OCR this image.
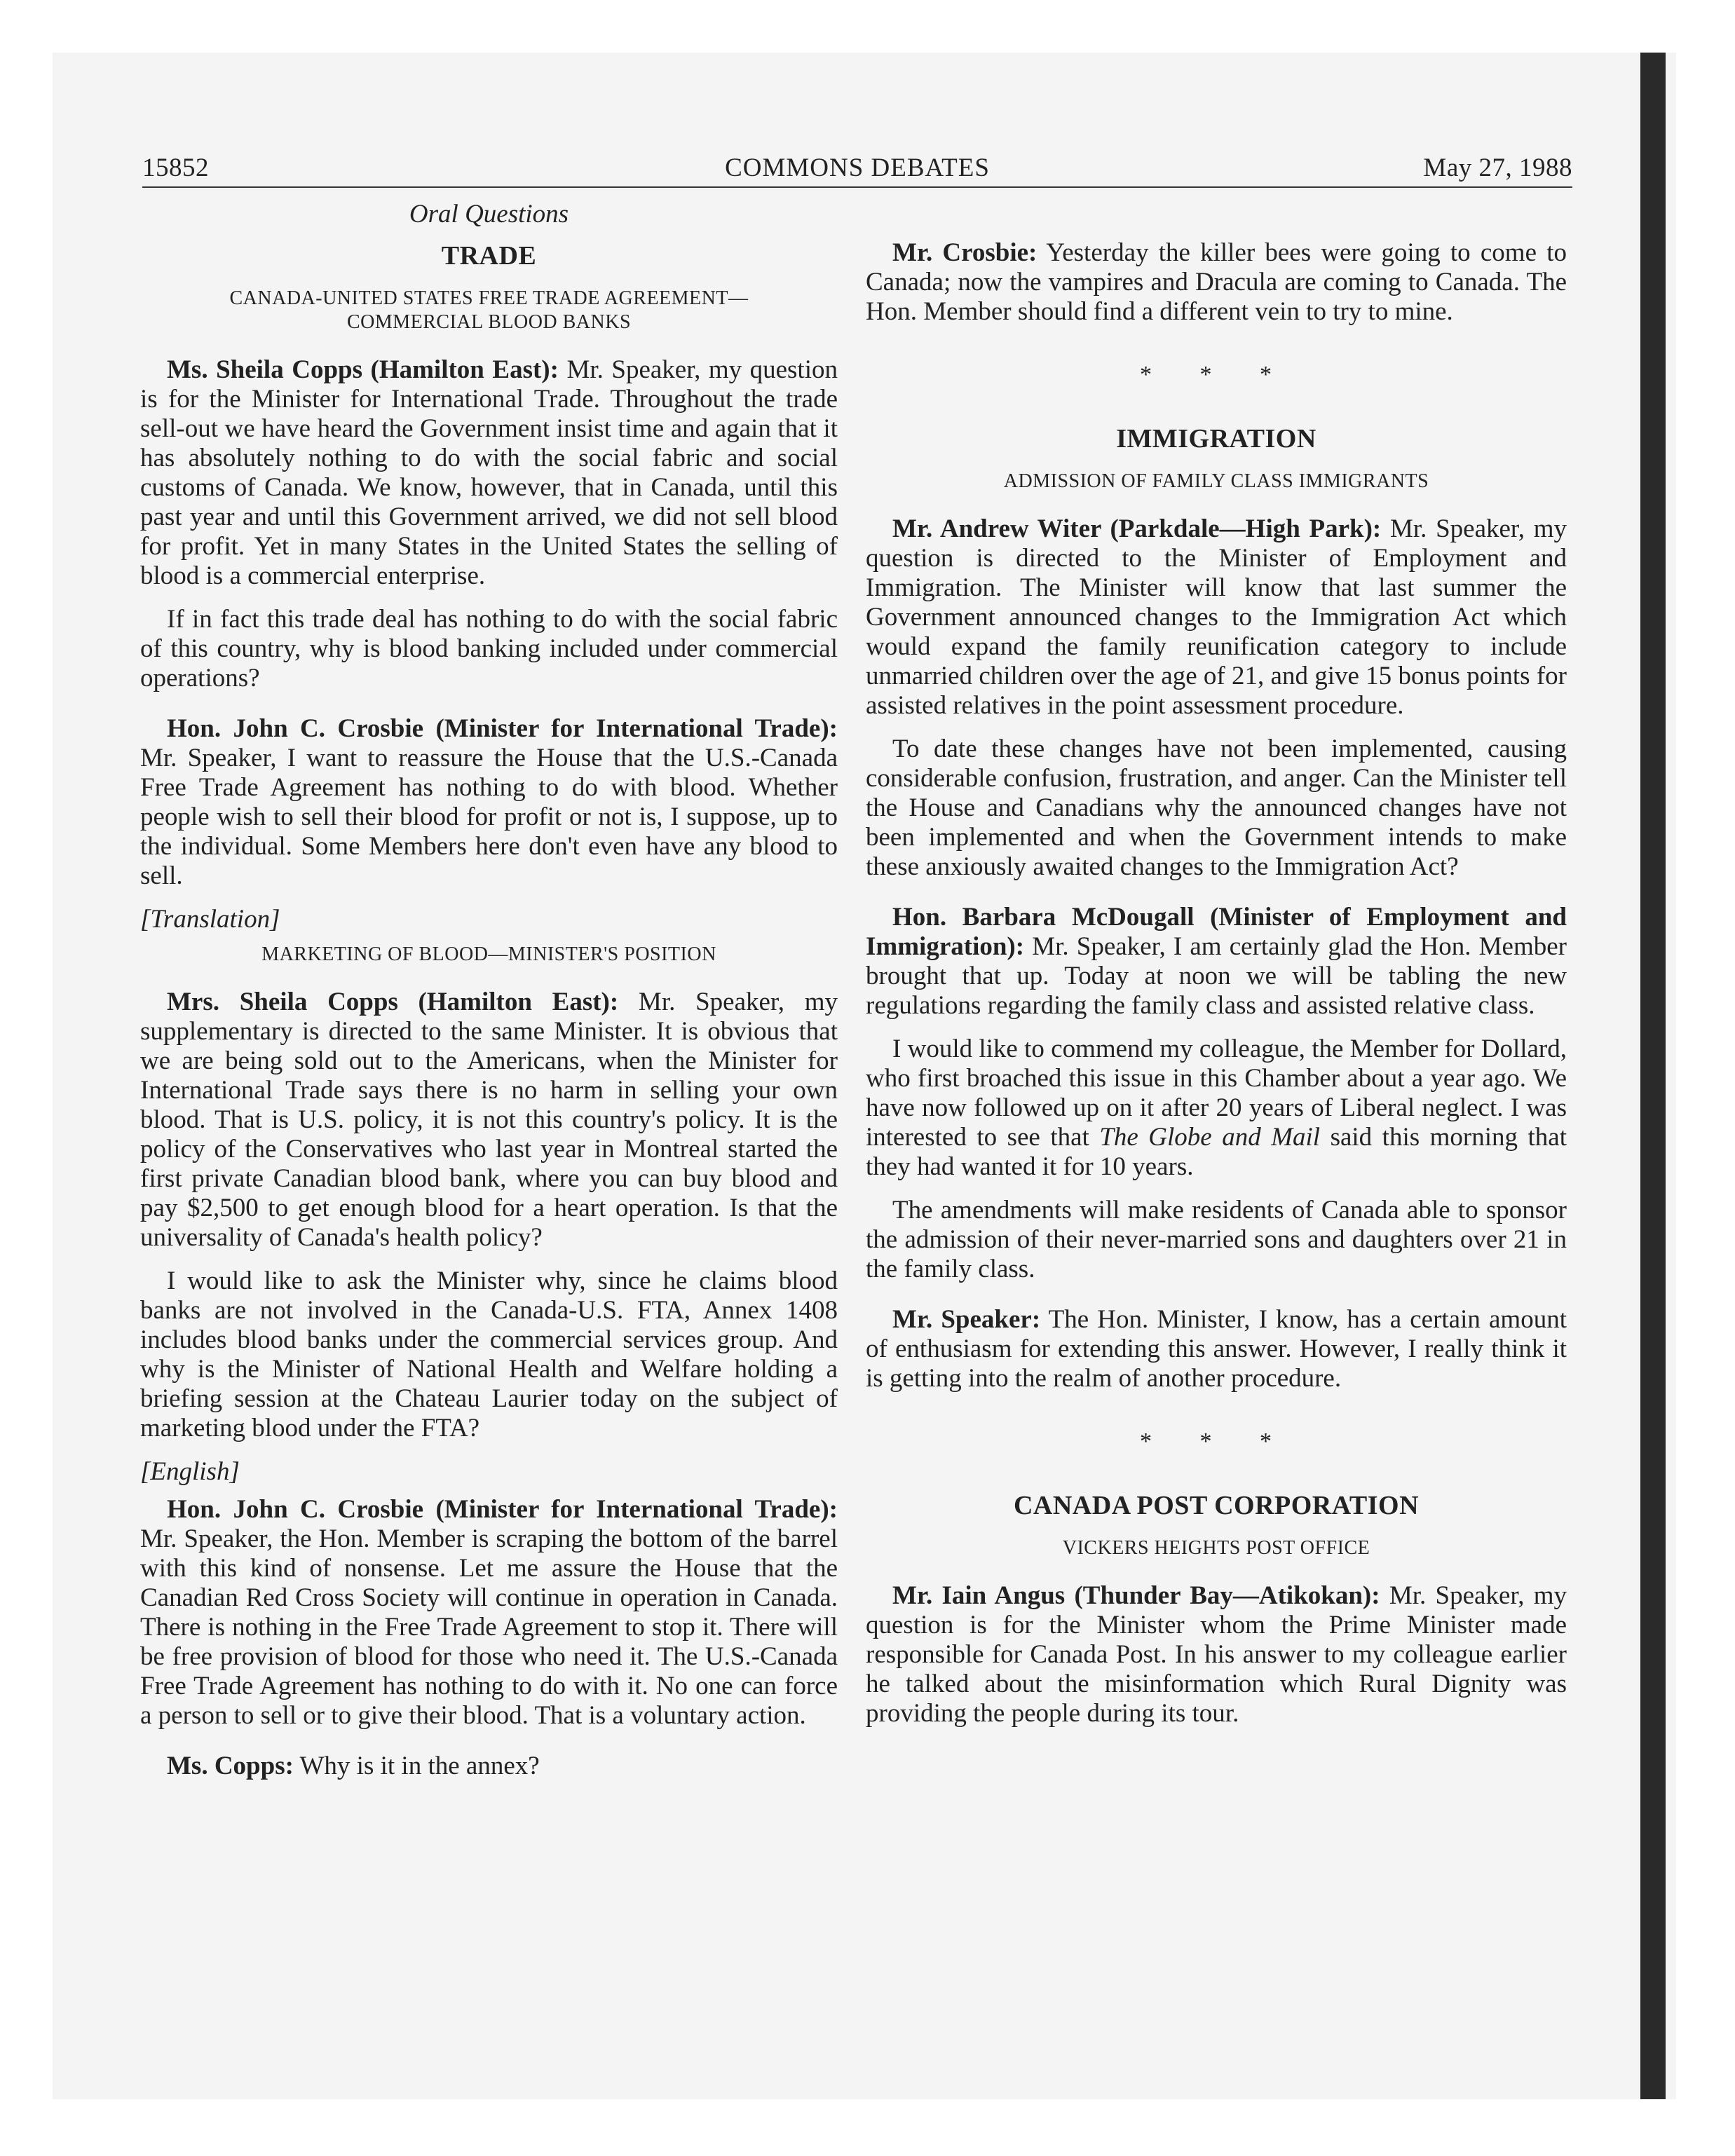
15852	COMMONS DEBATES	May 27, 1988
Oral Questions
TRADE
CANADA-UNITED STATES FREE TRADE AGREEMENT—
COMMERCIAL BLOOD BANKS

Ms. Sheila Copps (Hamilton East): Mr. Speaker, my question is for the Minister for International Trade. Throughout the trade sell-out we have heard the Government insist time and again that it has absolutely nothing to do with the social fabric and social customs of Canada. We know, however, that in Canada, until this past year and until this Government arrived, we did not sell blood for profit. Yet in many States in the United States the selling of blood is a commercial enterprise.

If in fact this trade deal has nothing to do with the social fabric of this country, why is blood banking included under commercial operations?

Hon. John C. Crosbie (Minister for International Trade): Mr. Speaker, I want to reassure the House that the U.S.-Canada Free Trade Agreement has nothing to do with blood. Whether people wish to sell their blood for profit or not is, I suppose, up to the individual. Some Members here don't even have any blood to sell.

[Translation]
MARKETING OF BLOOD—MINISTER'S POSITION

Mrs. Sheila Copps (Hamilton East): Mr. Speaker, my supplementary is directed to the same Minister. It is obvious that we are being sold out to the Americans, when the Minister for International Trade says there is no harm in selling your own blood. That is U.S. policy, it is not this country's policy. It is the policy of the Conservatives who last year in Montreal started the first private Canadian blood bank, where you can buy blood and pay $2,500 to get enough blood for a heart operation. Is that the universality of Canada's health policy?

I would like to ask the Minister why, since he claims blood banks are not involved in the Canada-U.S. FTA, Annex 1408 includes blood banks under the commercial services group. And why is the Minister of National Health and Welfare holding a briefing session at the Chateau Laurier today on the subject of marketing blood under the FTA?

[English]

Hon. John C. Crosbie (Minister for International Trade): Mr. Speaker, the Hon. Member is scraping the bottom of the barrel with this kind of nonsense. Let me assure the House that the Canadian Red Cross Society will continue in operation in Canada. There is nothing in the Free Trade Agreement to stop it. There will be free provision of blood for those who need it. The U.S.-Canada Free Trade Agreement has nothing to do with it. No one can force a person to sell or to give their blood. That is a voluntary action.

Ms. Copps: Why is it in the annex?

Mr. Crosbie: Yesterday the killer bees were going to come to Canada; now the vampires and Dracula are coming to Canada. The Hon. Member should find a different vein to try to mine.

* * *
IMMIGRATION
ADMISSION OF FAMILY CLASS IMMIGRANTS

Mr. Andrew Witer (Parkdale—High Park): Mr. Speaker, my question is directed to the Minister of Employment and Immigration. The Minister will know that last summer the Government announced changes to the Immigration Act which would expand the family reunification category to include unmarried children over the age of 21, and give 15 bonus points for assisted relatives in the point assessment procedure.

To date these changes have not been implemented, causing considerable confusion, frustration, and anger. Can the Minister tell the House and Canadians why the announced changes have not been implemented and when the Government intends to make these anxiously awaited changes to the Immigration Act?

Hon. Barbara McDougall (Minister of Employment and Immigration): Mr. Speaker, I am certainly glad the Hon. Member brought that up. Today at noon we will be tabling the new regulations regarding the family class and assisted relative class.

I would like to commend my colleague, the Member for Dollard, who first broached this issue in this Chamber about a year ago. We have now followed up on it after 20 years of Liberal neglect. I was interested to see that The Globe and Mail said this morning that they had wanted it for 10 years.

The amendments will make residents of Canada able to sponsor the admission of their never-married sons and daughters over 21 in the family class.

Mr. Speaker: The Hon. Minister, I know, has a certain amount of enthusiasm for extending this answer. However, I really think it is getting into the realm of another procedure.

* * *
CANADA POST CORPORATION
VICKERS HEIGHTS POST OFFICE

Mr. Iain Angus (Thunder Bay—Atikokan): Mr. Speaker, my question is for the Minister whom the Prime Minister made responsible for Canada Post. In his answer to my colleague earlier he talked about the misinformation which Rural Dignity was providing the people during its tour.
